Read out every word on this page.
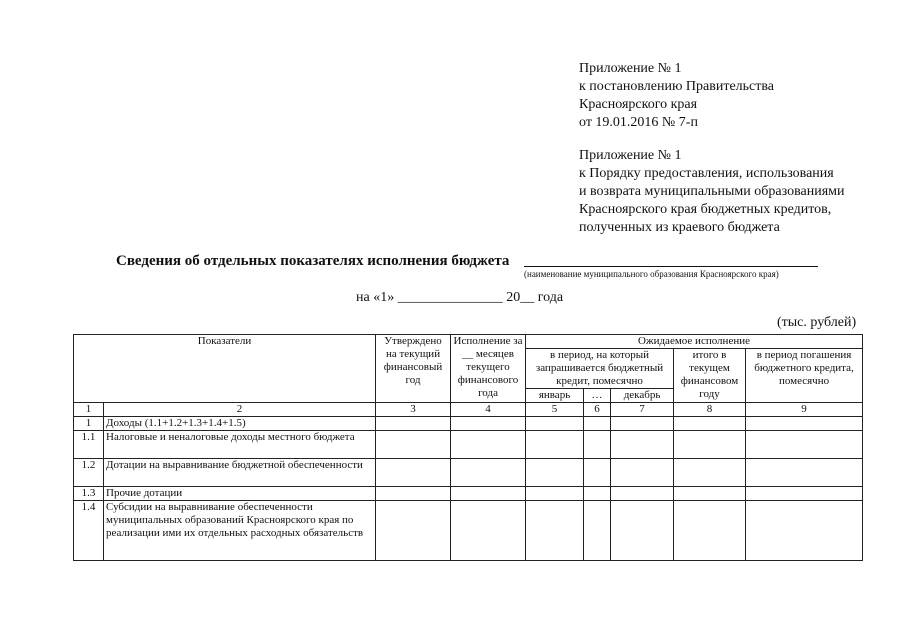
Приложение № 1
к постановлению Правительства
Красноярского края
от 19.01.2016 № 7-п
Приложение № 1
к Порядку предоставления, использования
и возврата муниципальными образованиями
Красноярского края бюджетных кредитов,
полученных из краевого бюджета
Сведения об отдельных показателях исполнения бюджета
(наименование муниципального образования Красноярского края)
на «1» _______________ 20__ года
(тыс. рублей)
Показатели		Утверждено на текущий финансовый год	Исполнение за __ месяцев текущего финансового года	Ожидаемое исполнение				
				в период, на который запрашивается бюджетный кредит, помесячно			итого в текущем финансовом году	в период погашения бюджетного кредита, помесячно
				январь	…	декабрь		
1	2	3	4	5	6	7	8	9
1	Доходы (1.1+1.2+1.3+1.4+1.5)							
1.1	Налоговые и неналоговые доходы местного бюджета							
1.2	Дотации на выравнивание бюджетной обеспеченности							
1.3	Прочие дотации							
1.4	Субсидии на выравнивание обеспеченности муниципальных образований Красноярского края по реализации ими их отдельных расходных обязательств							
